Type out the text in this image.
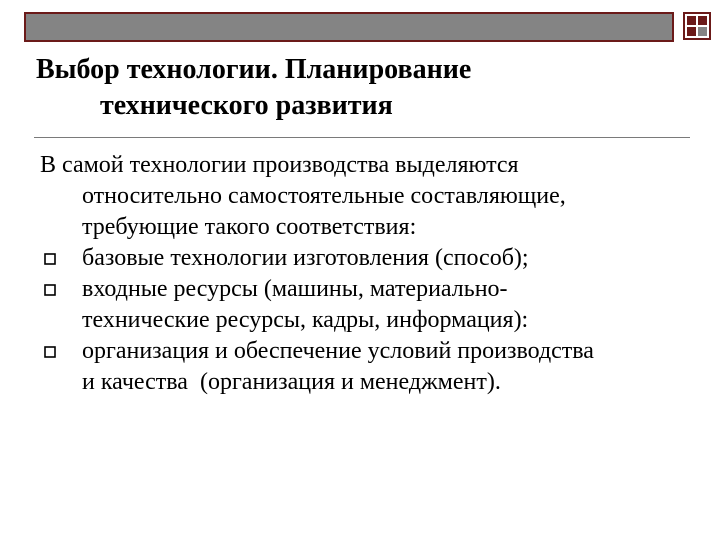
Выбор технологии. Планирование
технического развития
В самой технологии производства выделяются
относительно самостоятельные составляющие,
требующие такого соответствия:
базовые технологии изготовления (способ);
входные ресурсы (машины, материально-
технические ресурсы, кадры, информация):
организация и обеспечение условий производства
и качества  (организация и менеджмент).
